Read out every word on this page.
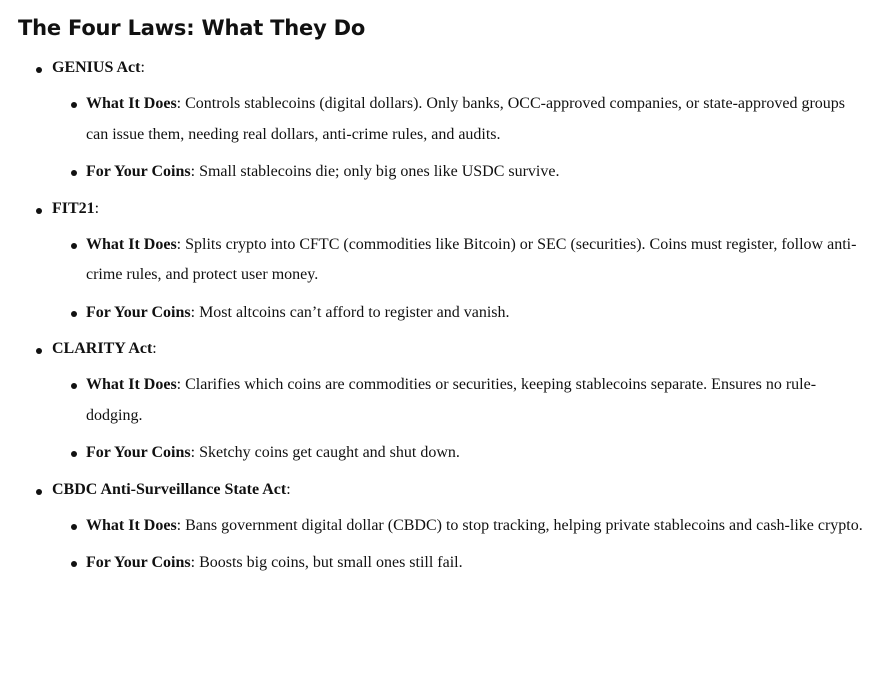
The Four Laws: What They Do
GENIUS Act:
What It Does: Controls stablecoins (digital dollars). Only banks, OCC-approved companies, or state-approved groups can issue them, needing real dollars, anti-crime rules, and audits.
For Your Coins: Small stablecoins die; only big ones like USDC survive.
FIT21:
What It Does: Splits crypto into CFTC (commodities like Bitcoin) or SEC (securities). Coins must register, follow anti-crime rules, and protect user money.
For Your Coins: Most altcoins can’t afford to register and vanish.
CLARITY Act:
What It Does: Clarifies which coins are commodities or securities, keeping stablecoins separate. Ensures no rule-dodging.
For Your Coins: Sketchy coins get caught and shut down.
CBDC Anti-Surveillance State Act:
What It Does: Bans government digital dollar (CBDC) to stop tracking, helping private stablecoins and cash-like crypto.
For Your Coins: Boosts big coins, but small ones still fail.
